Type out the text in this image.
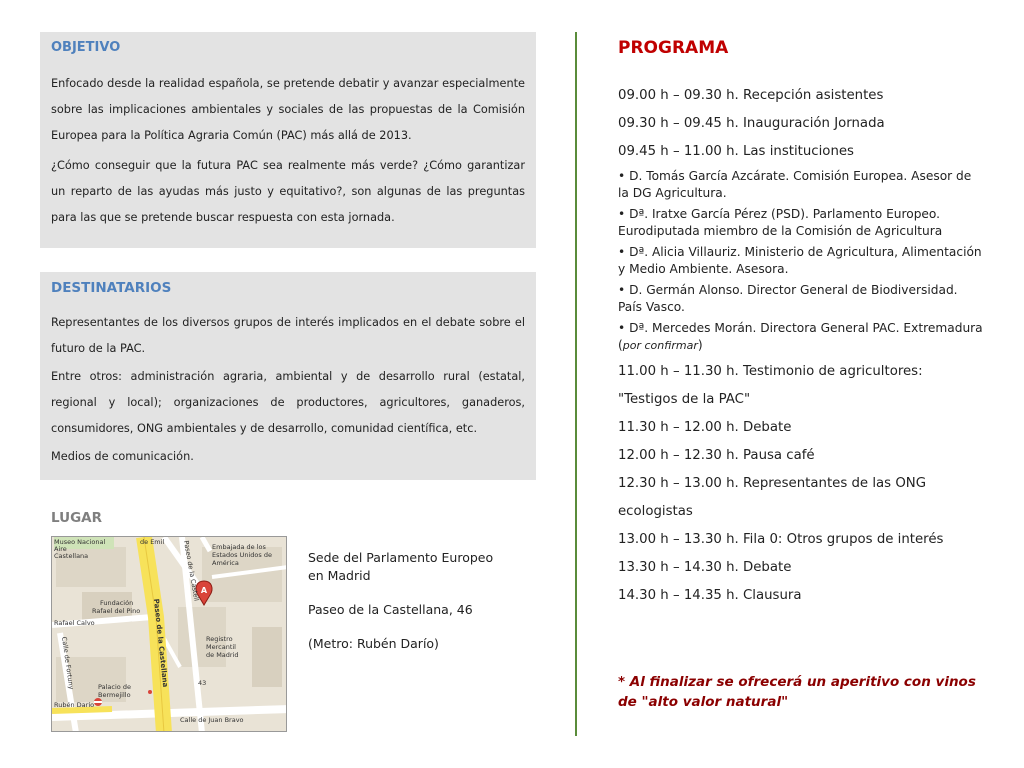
OBJETIVO

Enfocado desde la realidad española, se pretende debatir y avanzar especialmente sobre las implicaciones ambientales y sociales de las propuestas de la Comisión Europea para la Política Agraria Común (PAC) más allá de 2013.

¿Cómo conseguir que la futura PAC sea realmente más verde? ¿Cómo garantizar un reparto de las ayudas más justo y equitativo?, son algunas de las preguntas para las que se pretende buscar respuesta con esta jornada.

DESTINATARIOS

Representantes de los diversos grupos de interés implicados en el debate sobre el futuro de la PAC.

Entre otros: administración agraria, ambiental y de desarrollo rural (estatal, regional y local); organizaciones de productores, agricultores, ganaderos, consumidores, ONG ambientales y de desarrollo, comunidad científica, etc.

Medios de comunicación.

LUGAR
A
Museo Nacional
Aire
Castellana
de Emil
Embajada de los
Estados Unidos de
América
Fundación
Rafael del Pino
Rafael Calvo
Registro
Mercantil
de Madrid
Palacio de
Bermejillo
Rubén Darío
Calle de Juan Bravo
43
Calle de Fortuny	Paseo de la Castellana
Paseo de la Castell	Sede del Parlamento Europeo
en Madrid
Paseo de la Castellana, 46
(Metro: Rubén Darío)
PROGRAMA
09.00 h – 09.30 h. Recepción asistentes
09.30 h – 09.45 h. Inauguración Jornada
09.45 h – 11.00 h. Las instituciones
• D. Tomás García Azcárate. Comisión Europea. Asesor de la DG Agricultura.
• Dª. Iratxe García Pérez (PSD). Parlamento Europeo. Eurodiputada miembro de la Comisión de Agricultura
• Dª. Alicia Villauriz. Ministerio de Agricultura, Alimentación y Medio Ambiente. Asesora.
• D. Germán Alonso. Director General de Biodiversidad. País Vasco.
• Dª. Mercedes Morán. Directora General PAC. Extremadura
(por confirmar)
11.00 h – 11.30 h. Testimonio de agricultores: "Testigos de la PAC"
11.30 h – 12.00 h. Debate
12.00 h – 12.30 h. Pausa café
12.30 h – 13.00 h. Representantes de las ONG ecologistas
13.00 h – 13.30 h. Fila 0: Otros grupos de interés
13.30 h – 14.30 h. Debate
14.30 h – 14.35 h. Clausura
* Al finalizar se ofrecerá un aperitivo con vinos de "alto valor natural"
